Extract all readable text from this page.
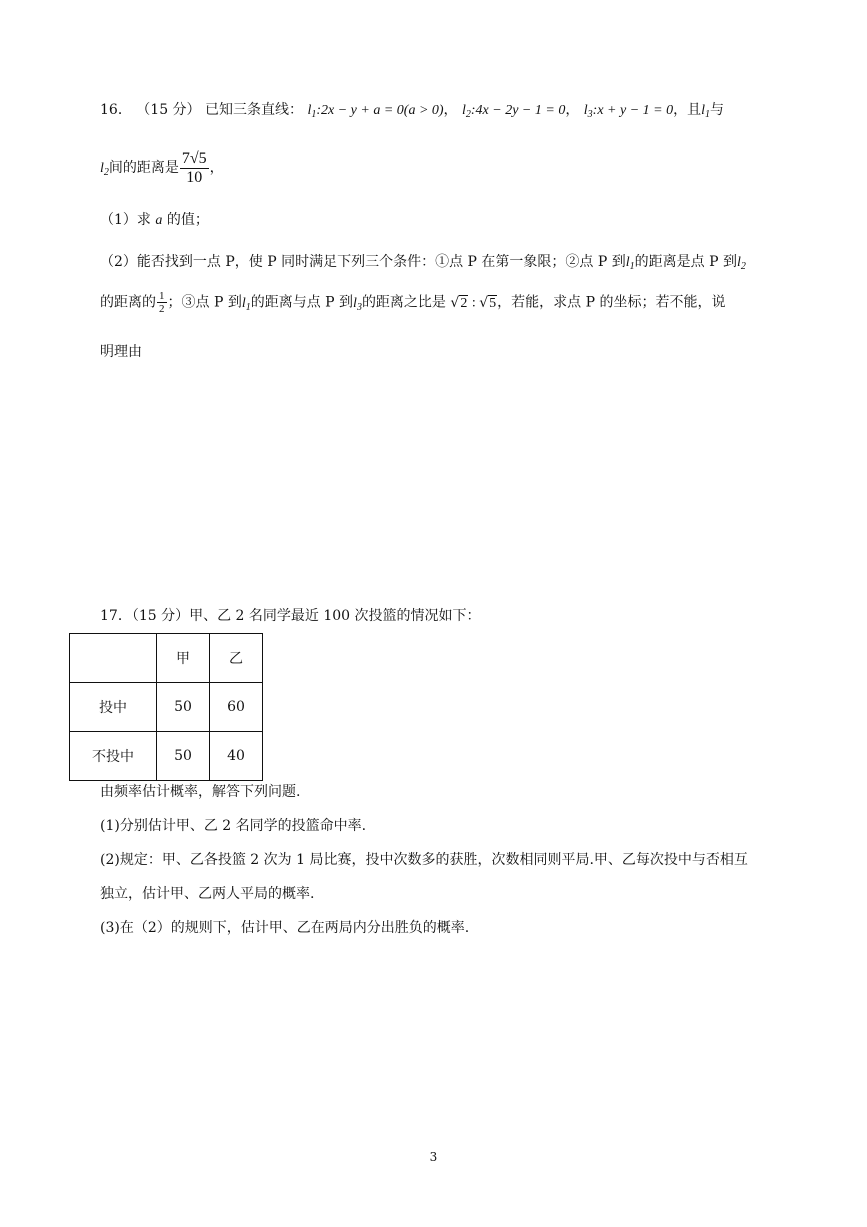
16． （15 分） 已知三条直线： $l_1:2x - y + a = 0(a > 0)$， $l_2:4x - 2y - 1 = 0$， $l_3:x + y - 1 = 0$，且$l_1$与
$l_2$间的距离是 $\frac{7√5}{10}$ ，
（1）求 a 的值；
（2）能否找到一点 P，使 P 同时满足下列三个条件：①点 P 在第一象限；②点 P 到$l_1$的距离是点 P 到$l_2$
的距离的 $\frac{1}{2}$ ；③点 P 到$l_1$的距离与点 P 到$l_3$的距离之比是 √2 : √5，若能，求点 P 的坐标；若不能，说
明理由
17．（15 分）甲、乙 2 名同学最近 100 次投篮的情况如下：
	甲	乙
投中	50	60
不投中	50	40
由频率估计概率，解答下列问题.
(1)分别估计甲、乙 2 名同学的投篮命中率.
(2)规定：甲、乙各投篮 2 次为 1 局比赛，投中次数多的获胜，次数相同则平局.甲、乙每次投中与否相互
独立，估计甲、乙两人平局的概率.
(3)在（2）的规则下，估计甲、乙在两局内分出胜负的概率.
3
